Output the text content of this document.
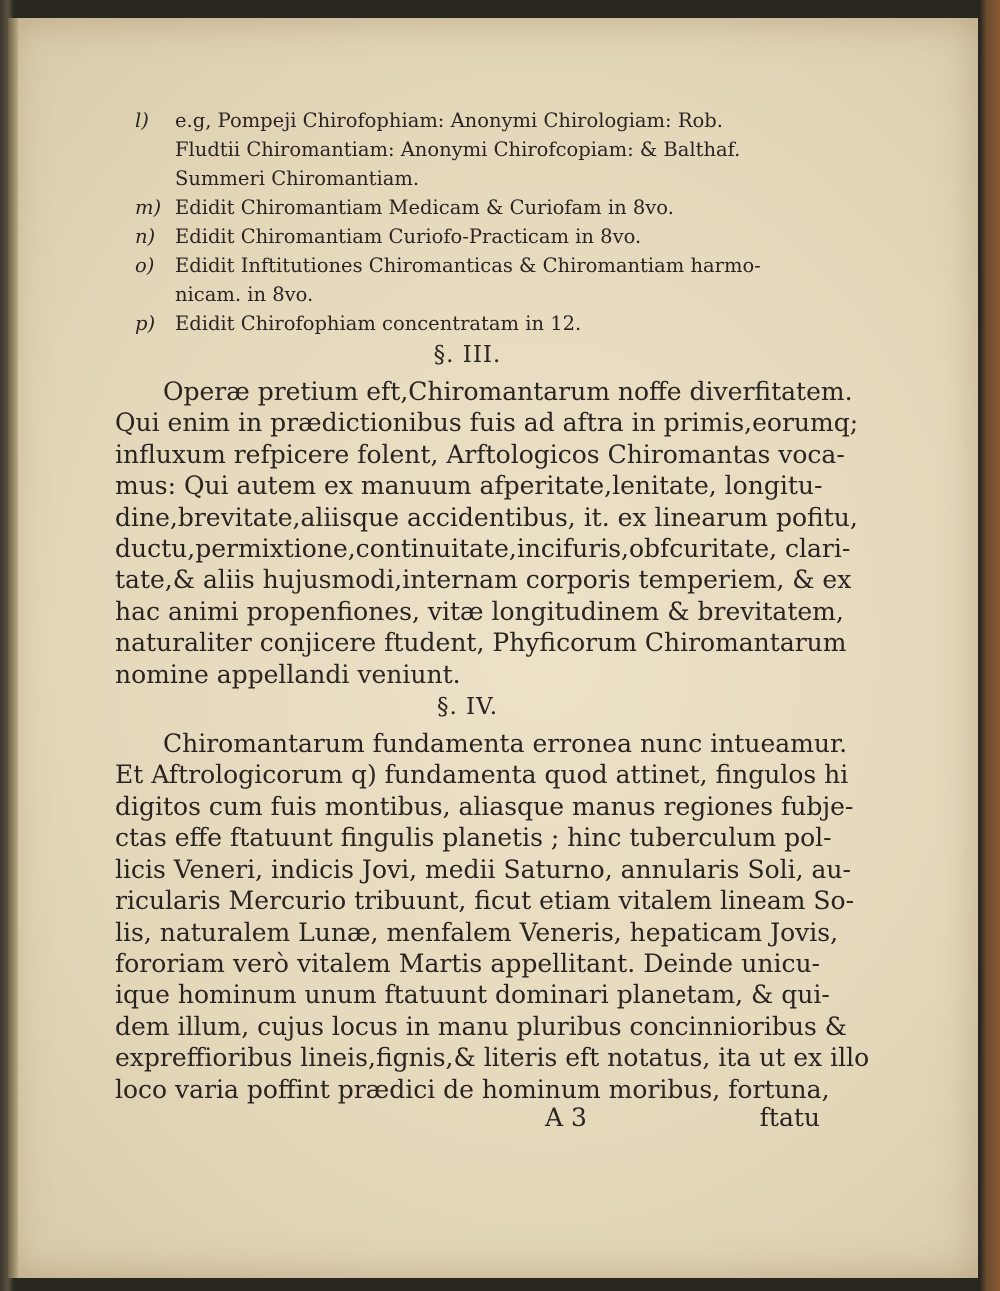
l) e.g, Pompeji Chirofophiam: Anonymi Chirologiam: Rob.
Fludtii Chiromantiam: Anonymi Chirofcopiam: & Balthaf.
Summeri Chiromantiam.
m) Edidit Chiromantiam Medicam & Curiofam in 8vo.
n) Edidit Chiromantiam Curiofo-Practicam in 8vo.
o) Edidit Inftitutiones Chiromanticas & Chiromantiam harmo-
nicam. in 8vo.
p) Edidit Chirofophiam concentratam in 12.
§. III.
Operæ pretium eft,Chiromantarum noffe diverfitatem.
Qui enim in prædictionibus fuis ad aftra in primis,eorumq;
influxum refpicere folent, Arftologicos Chiromantas voca-
mus: Qui autem ex manuum afperitate,lenitate, longitu-
dine,brevitate,aliisque accidentibus, it. ex linearum pofitu,
ductu,permixtione,continuitate,incifuris,obfcuritate, clari-
tate,& aliis hujusmodi,internam corporis temperiem, & ex
hac animi propenfiones, vitæ longitudinem & brevitatem,
naturaliter conjicere ftudent, Phyficorum Chiromantarum
nomine appellandi veniunt.
§. IV.
Chiromantarum fundamenta erronea nunc intueamur.
Et Aftrologicorum q) fundamenta quod attinet, fingulos hi
digitos cum fuis montibus, aliasque manus regiones fubje-
ctas effe ftatuunt fingulis planetis ; hinc tuberculum pol-
licis Veneri, indicis Jovi, medii Saturno, annularis Soli, au-
ricularis Mercurio tribuunt, ficut etiam vitalem lineam So-
lis, naturalem Lunæ, menfalem Veneris, hepaticam Jovis,
fororiam verò vitalem Martis appellitant. Deinde unicu-
ique hominum unum ftatuunt dominari planetam, & qui-
dem illum, cujus locus in manu pluribus concinnioribus &
expreffioribus lineis,fignis,& literis eft notatus, ita ut ex illo
loco varia poffint prædici de hominum moribus, fortuna,
A 3	ftatu
